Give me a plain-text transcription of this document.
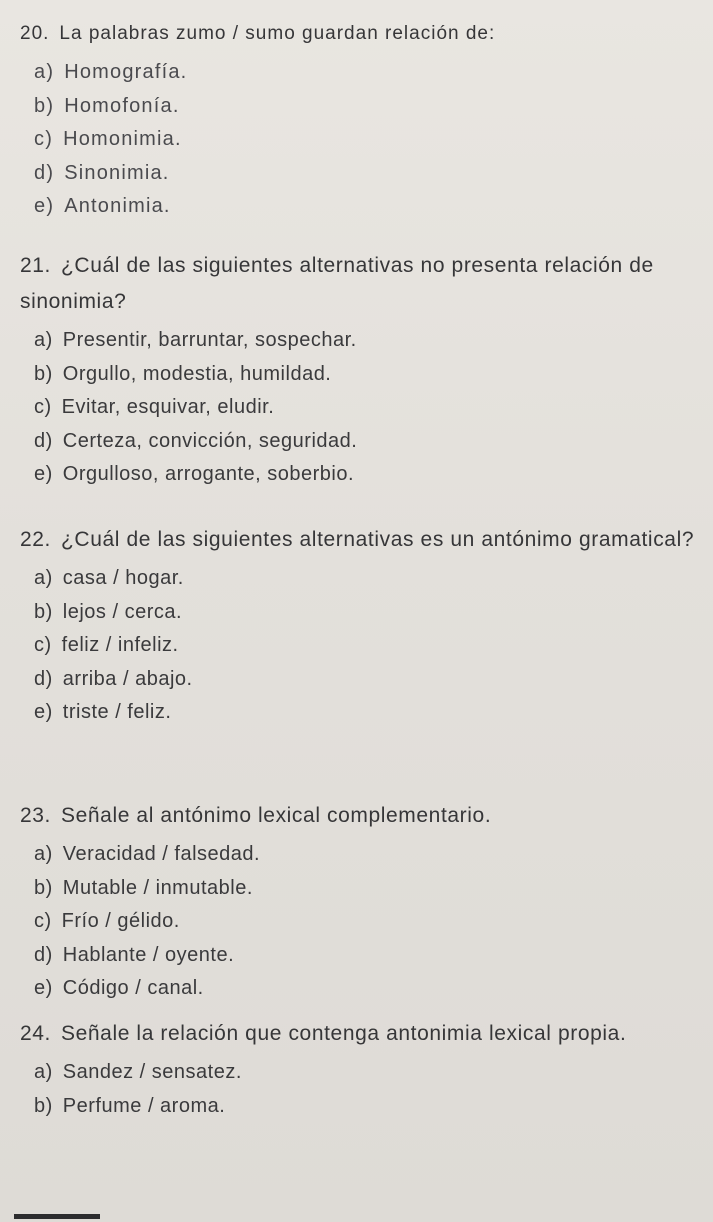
20. La palabras zumo / sumo guardan relación de:

a) Homografía.
b) Homofonía.
c) Homonimia.
d) Sinonimia.
e) Antonimia.

21. ¿Cuál de las siguientes alternativas no presenta relación de sinonimia?

a) Presentir, barruntar, sospechar.
b) Orgullo, modestia, humildad.
c) Evitar, esquivar, eludir.
d) Certeza, convicción, seguridad.
e) Orgulloso, arrogante, soberbio.

22. ¿Cuál de las siguientes alternativas es un antónimo gramatical?

a) casa / hogar.
b) lejos / cerca.
c) feliz / infeliz.
d) arriba / abajo.
e) triste / feliz.

23. Señale al antónimo lexical complementario.

a) Veracidad / falsedad.
b) Mutable / inmutable.
c) Frío / gélido.
d) Hablante / oyente.
e) Código / canal.

24. Señale la relación que contenga antonimia lexical propia.

a) Sandez / sensatez.
b) Perfume / aroma.
